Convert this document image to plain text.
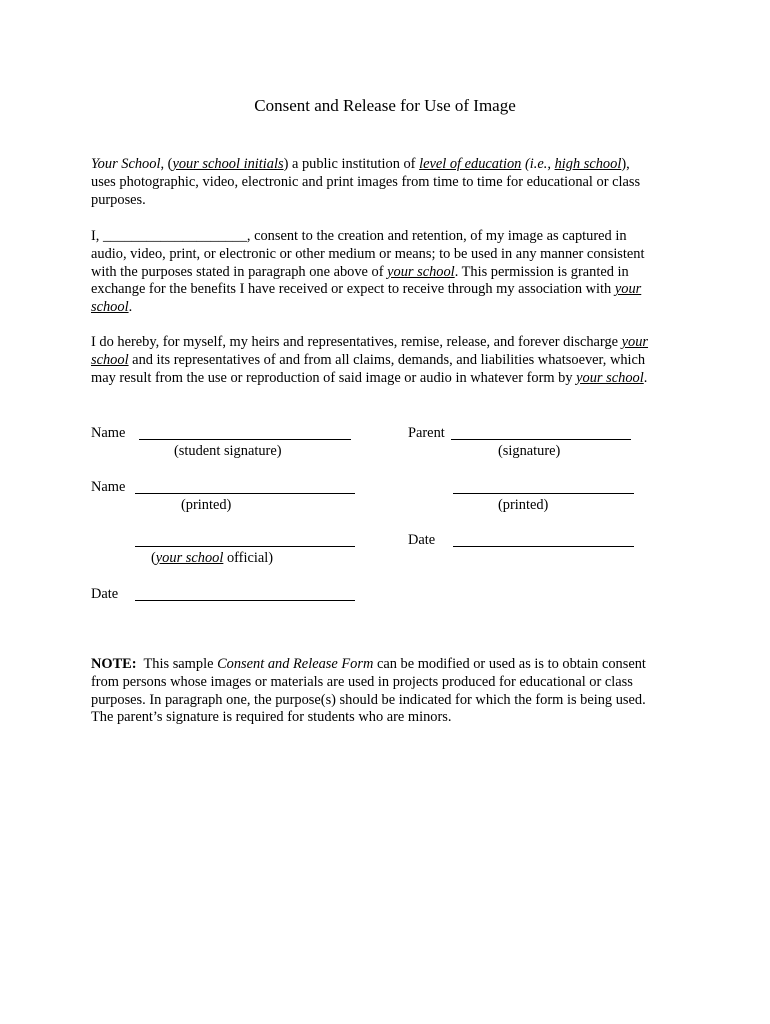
Consent and Release for Use of Image
Your School, (your school initials) a public institution of level of education (i.e., high school),
uses photographic, video, electronic and print images from time to time for educational or class
purposes.
I, ____________________, consent to the creation and retention, of my image as captured in
audio, video, print, or electronic or other medium or means; to be used in any manner consistent
with the purposes stated in paragraph one above of your school. This permission is granted in
exchange for the benefits I have received or expect to receive through my association with your
school.
I do hereby, for myself, my heirs and representatives, remise, release, and forever discharge your
school and its representatives of and from all claims, demands, and liabilities whatsoever, which
may result from the use or reproduction of said image or audio in whatever form by your school.
Name
(student signature)
Parent
(signature)
Name
(printed)	(printed)
Date
(your school official)
Date
NOTE:  This sample Consent and Release Form can be modified or used as is to obtain consent
from persons whose images or materials are used in projects produced for educational or class
purposes. In paragraph one, the purpose(s) should be indicated for which the form is being used.
The parent’s signature is required for students who are minors.
